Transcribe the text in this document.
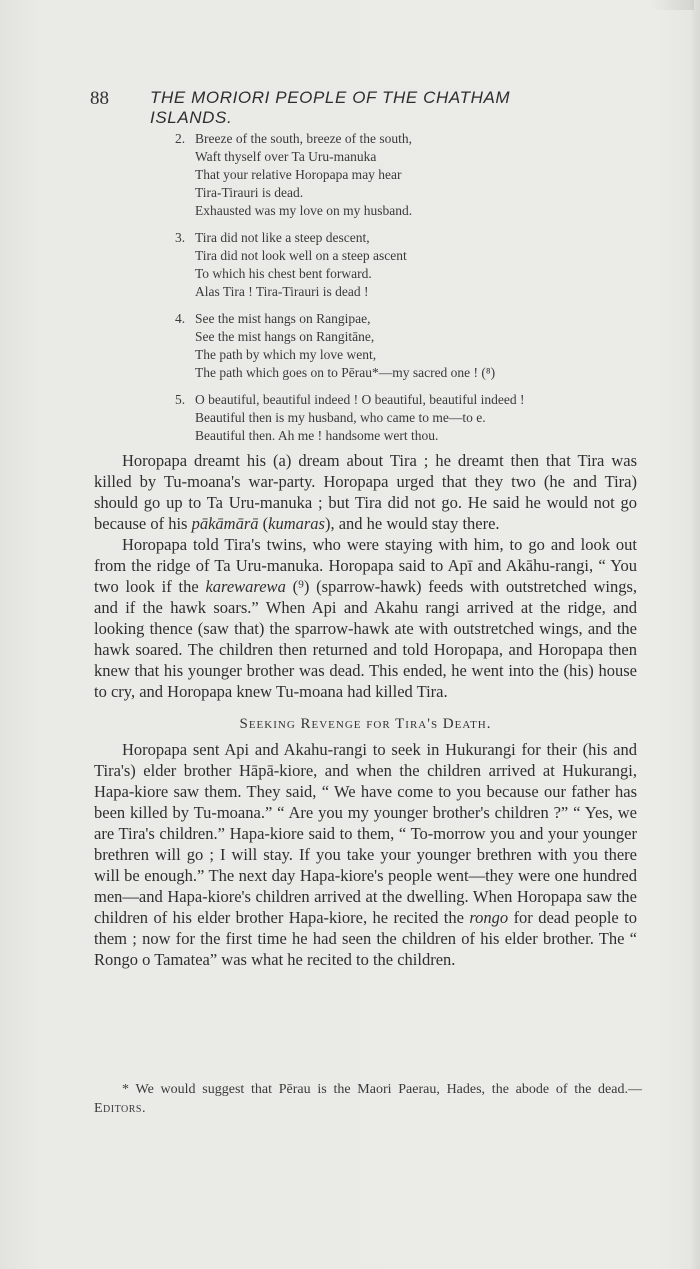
88 THE MORIORI PEOPLE OF THE CHATHAM ISLANDS.
2. Breeze of the south, breeze of the south,
Waft thyself over Ta Uru-manuka
That your relative Horopapa may hear
Tira-Tirauri is dead.
Exhausted was my love on my husband.
3. Tira did not like a steep descent,
Tira did not look well on a steep ascent
To which his chest bent forward.
Alas Tira ! Tira-Tirauri is dead !
4. See the mist hangs on Rangipae,
See the mist hangs on Rangitāne,
The path by which my love went,
The path which goes on to Pērau*—my sacred one ! (⁸)
5. O beautiful, beautiful indeed ! O beautiful, beautiful indeed !
Beautiful then is my husband, who came to me—to e.
Beautiful then. Ah me ! handsome wert thou.

Horopapa dreamt his (a) dream about Tira ; he dreamt then that Tira was killed by Tu-moana's war-party. Horopapa urged that they two (he and Tira) should go up to Ta Uru-manuka ; but Tira did not go. He said he would not go because of his pākāmārā (kumaras), and he would stay there.

Horopapa told Tira's twins, who were staying with him, to go and look out from the ridge of Ta Uru-manuka. Horopapa said to Apī and Akāhu-rangi, “ You two look if the karewarewa (⁹) (sparrow-hawk) feeds with outstretched wings, and if the hawk soars.” When Api and Akahu rangi arrived at the ridge, and looking thence (saw that) the sparrow-hawk ate with outstretched wings, and the hawk soared. The children then returned and told Horopapa, and Horopapa then knew that his younger brother was dead. This ended, he went into the (his) house to cry, and Horopapa knew Tu-moana had killed Tira.

Seeking Revenge for Tira's Death.

Horopapa sent Api and Akahu-rangi to seek in Hukurangi for their (his and Tira's) elder brother Hāpā-kiore, and when the children arrived at Hukurangi, Hapa-kiore saw them. They said, “ We have come to you because our father has been killed by Tu-moana.” “ Are you my younger brother's children ?” “ Yes, we are Tira's children.” Hapa-kiore said to them, “ To-morrow you and your younger brethren will go ; I will stay. If you take your younger brethren with you there will be enough.” The next day Hapa-kiore's people went—they were one hundred men—and Hapa-kiore's children arrived at the dwelling. When Horopapa saw the children of his elder brother Hapa-kiore, he recited the rongo for dead people to them ; now for the first time he had seen the children of his elder brother. The “ Rongo o Tamatea” was what he recited to the children.

* We would suggest that Pērau is the Maori Paerau, Hades, the abode of the dead.—Editors.
